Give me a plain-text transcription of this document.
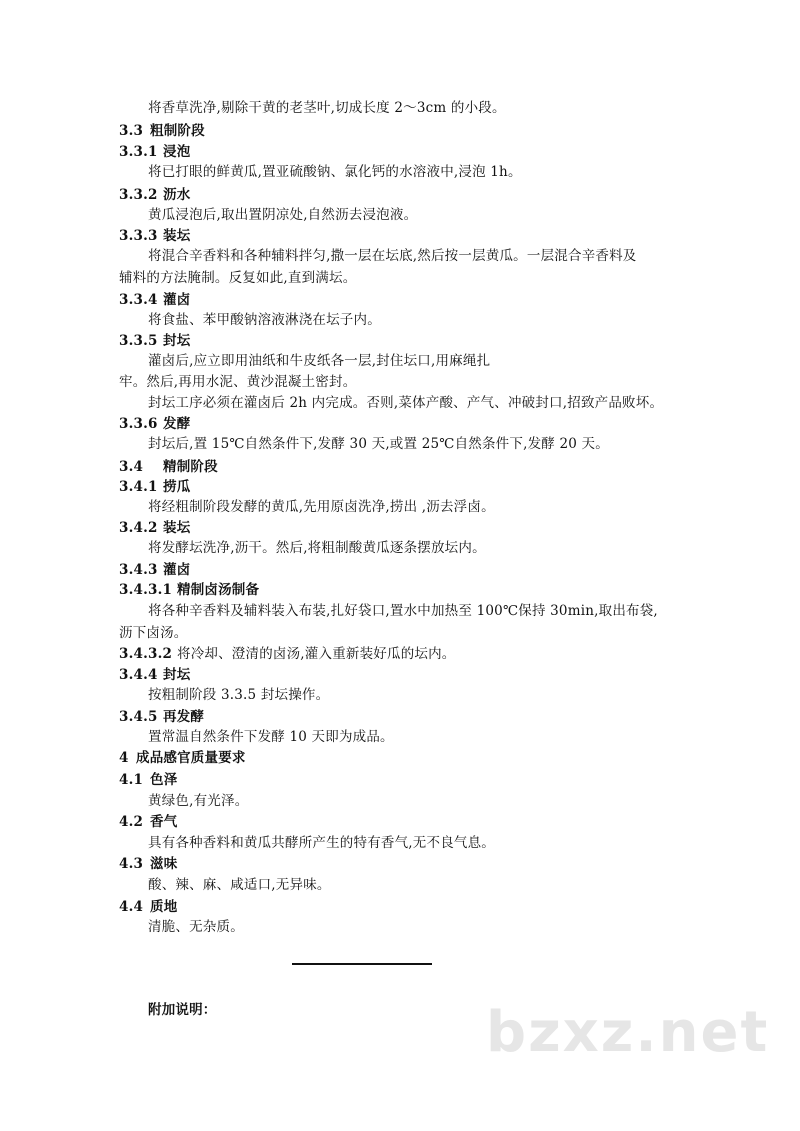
将香草洗净,剔除干黄的老茎叶,切成长度 2～3cm 的小段。
3.3 粗制阶段
3.3.1 浸泡
将已打眼的鲜黄瓜,置亚硫酸钠、氯化钙的水溶液中,浸泡 1h。
3.3.2 沥水
黄瓜浸泡后,取出置阴凉处,自然沥去浸泡液。
3.3.3 装坛
将混合辛香料和各种辅料拌匀,撒一层在坛底,然后按一层黄瓜。一层混合辛香料及
辅料的方法腌制。反复如此,直到满坛。
3.3.4 灌卤
将食盐、苯甲酸钠溶液淋浇在坛子内。
3.3.5 封坛
灌卤后,应立即用油纸和牛皮纸各一层,封住坛口,用麻绳扎
牢。然后,再用水泥、黄沙混凝土密封。
封坛工序必须在灌卤后 2h 内完成。否则,菜体产酸、产气、冲破封口,招致产品败坏。
3.3.6 发酵
封坛后,置 15℃自然条件下,发酵 30 天,或置 25℃自然条件下,发酵 20 天。
3.4 精制阶段
3.4.1 捞瓜
将经粗制阶段发酵的黄瓜,先用原卤洗净,捞出 ,沥去浮卤。
3.4.2 装坛
将发酵坛洗净,沥干。然后,将粗制酸黄瓜逐条摆放坛内。
3.4.3 灌卤
3.4.3.1 精制卤汤制备
将各种辛香料及辅料装入布装,扎好袋口,置水中加热至 100℃保持 30min,取出布袋,
沥下卤汤。
3.4.3.2 将冷却、澄清的卤汤,灌入重新装好瓜的坛内。
3.4.4 封坛
按粗制阶段 3.3.5 封坛操作。
3.4.5 再发酵
置常温自然条件下发酵 10 天即为成品。
4 成品感官质量要求
4.1 色泽
黄绿色,有光泽。
4.2 香气
具有各种香料和黄瓜共酵所产生的特有香气,无不良气息。
4.3 滋味
酸、辣、麻、咸适口,无异味。
4.4 质地
清脆、无杂质。
附加说明：	bzxz.net
